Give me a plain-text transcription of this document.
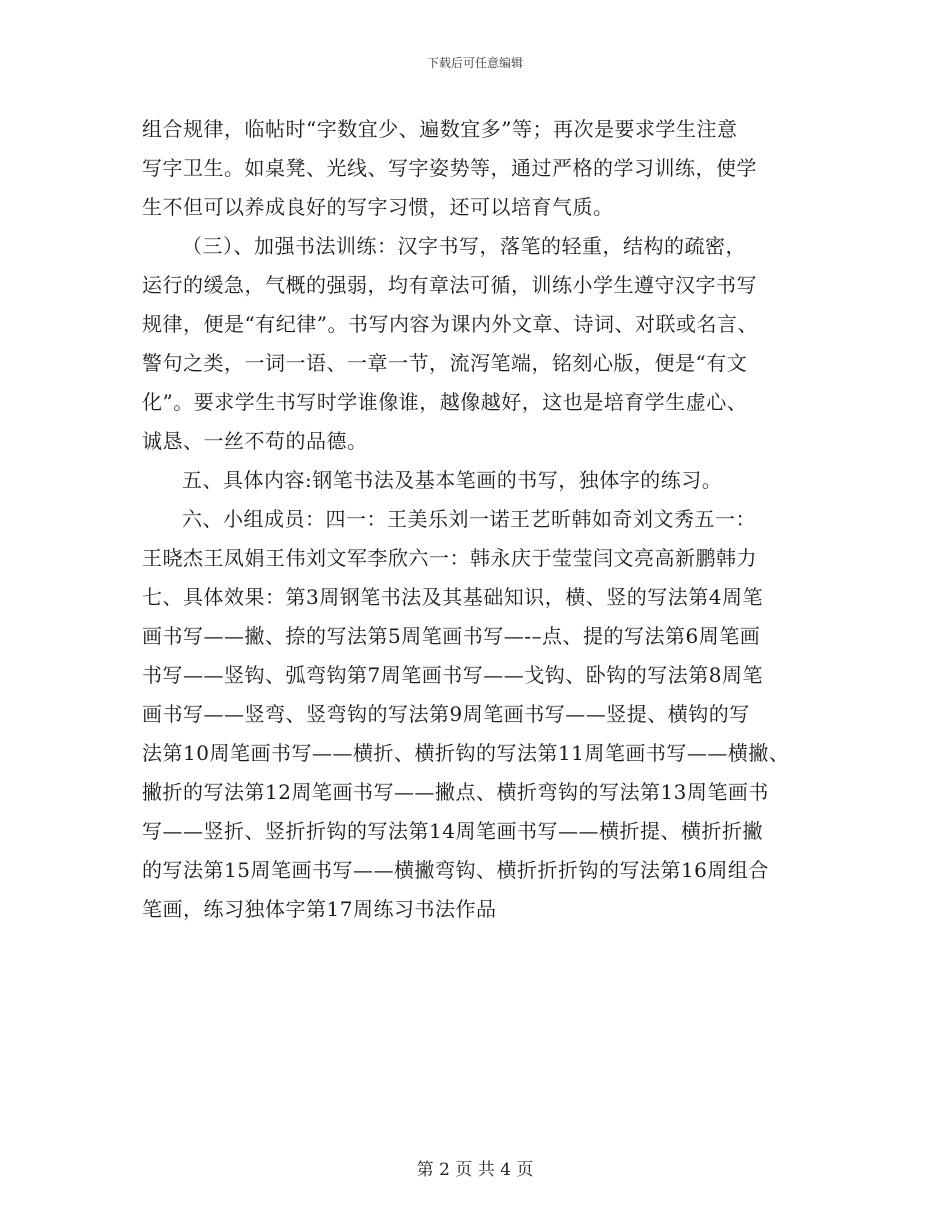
下载后可任意编辑
组合规律，临帖时“字数宜少、遍数宜多”等；再次是要求学生注意
写字卫生。如桌凳、光线、写字姿势等，通过严格的学习训练，使学
生不但可以养成良好的写字习惯，还可以培育气质。
（三）、加强书法训练：汉字书写，落笔的轻重，结构的疏密，
运行的缓急，气概的强弱，均有章法可循，训练小学生遵守汉字书写
规律，便是“有纪律”。书写内容为课内外文章、诗词、对联或名言、
警句之类，一词一语、一章一节，流泻笔端，铭刻心版，便是“有文
化”。要求学生书写时学谁像谁，越像越好，这也是培育学生虚心、
诚恳、一丝不苟的品德。
五、具体内容:钢笔书法及基本笔画的书写，独体字的练习。
六、小组成员：四一：王美乐刘一诺王艺昕韩如奇刘文秀五一：
王晓杰王凤娟王伟刘文军李欣六一：韩永庆于莹莹闫文亮高新鹏韩力
七、具体效果：第3周钢笔书法及其基础知识，横、竖的写法第4周笔
画书写——撇、捺的写法第5周笔画书写—-–点、提的写法第6周笔画
书写——竖钩、弧弯钩第7周笔画书写——戈钩、卧钩的写法第8周笔
画书写——竖弯、竖弯钩的写法第9周笔画书写——竖提、横钩的写
法第10周笔画书写——横折、横折钩的写法第11周笔画书写——横撇、
撇折的写法第12周笔画书写——撇点、横折弯钩的写法第13周笔画书
写——竖折、竖折折钩的写法第14周笔画书写——横折提、横折折撇
的写法第15周笔画书写——横撇弯钩、横折折折钩的写法第16周组合
笔画，练习独体字第17周练习书法作品
第 2 页 共 4 页
